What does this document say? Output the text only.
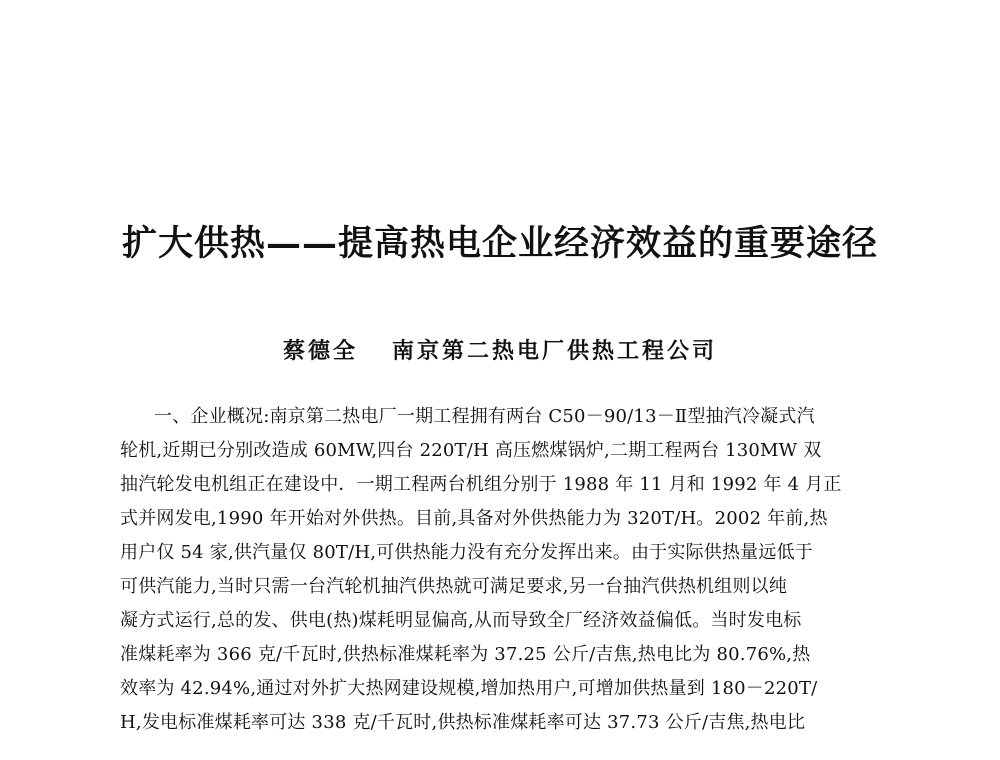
扩大供热——提高热电企业经济效益的重要途径
蔡德全 南京第二热电厂供热工程公司
一、企业概况:南京第二热电厂一期工程拥有两台 C50－90/13－Ⅱ型抽汽冷凝式汽
轮机,近期已分别改造成 60MW,四台 220T/H 高压燃煤锅炉,二期工程两台 130MW 双
抽汽轮发电机组正在建设中．一期工程两台机组分别于 1988 年 11 月和 1992 年 4 月正
式并网发电,1990 年开始对外供热。目前,具备对外供热能力为 320T/H。2002 年前,热
用户仅 54 家,供汽量仅 80T/H,可供热能力没有充分发挥出来。由于实际供热量远低于
可供汽能力,当时只需一台汽轮机抽汽供热就可满足要求,另一台抽汽供热机组则以纯
凝方式运行,总的发、供电(热)煤耗明显偏高,从而导致全厂经济效益偏低。当时发电标
准煤耗率为 366 克/千瓦时,供热标准煤耗率为 37.25 公斤/吉焦,热电比为 80.76%,热
效率为 42.94%,通过对外扩大热网建设规模,增加热用户,可增加供热量到 180－220T/
H,发电标准煤耗率可达 338 克/千瓦时,供热标准煤耗率可达 37.73 公斤/吉焦,热电比
